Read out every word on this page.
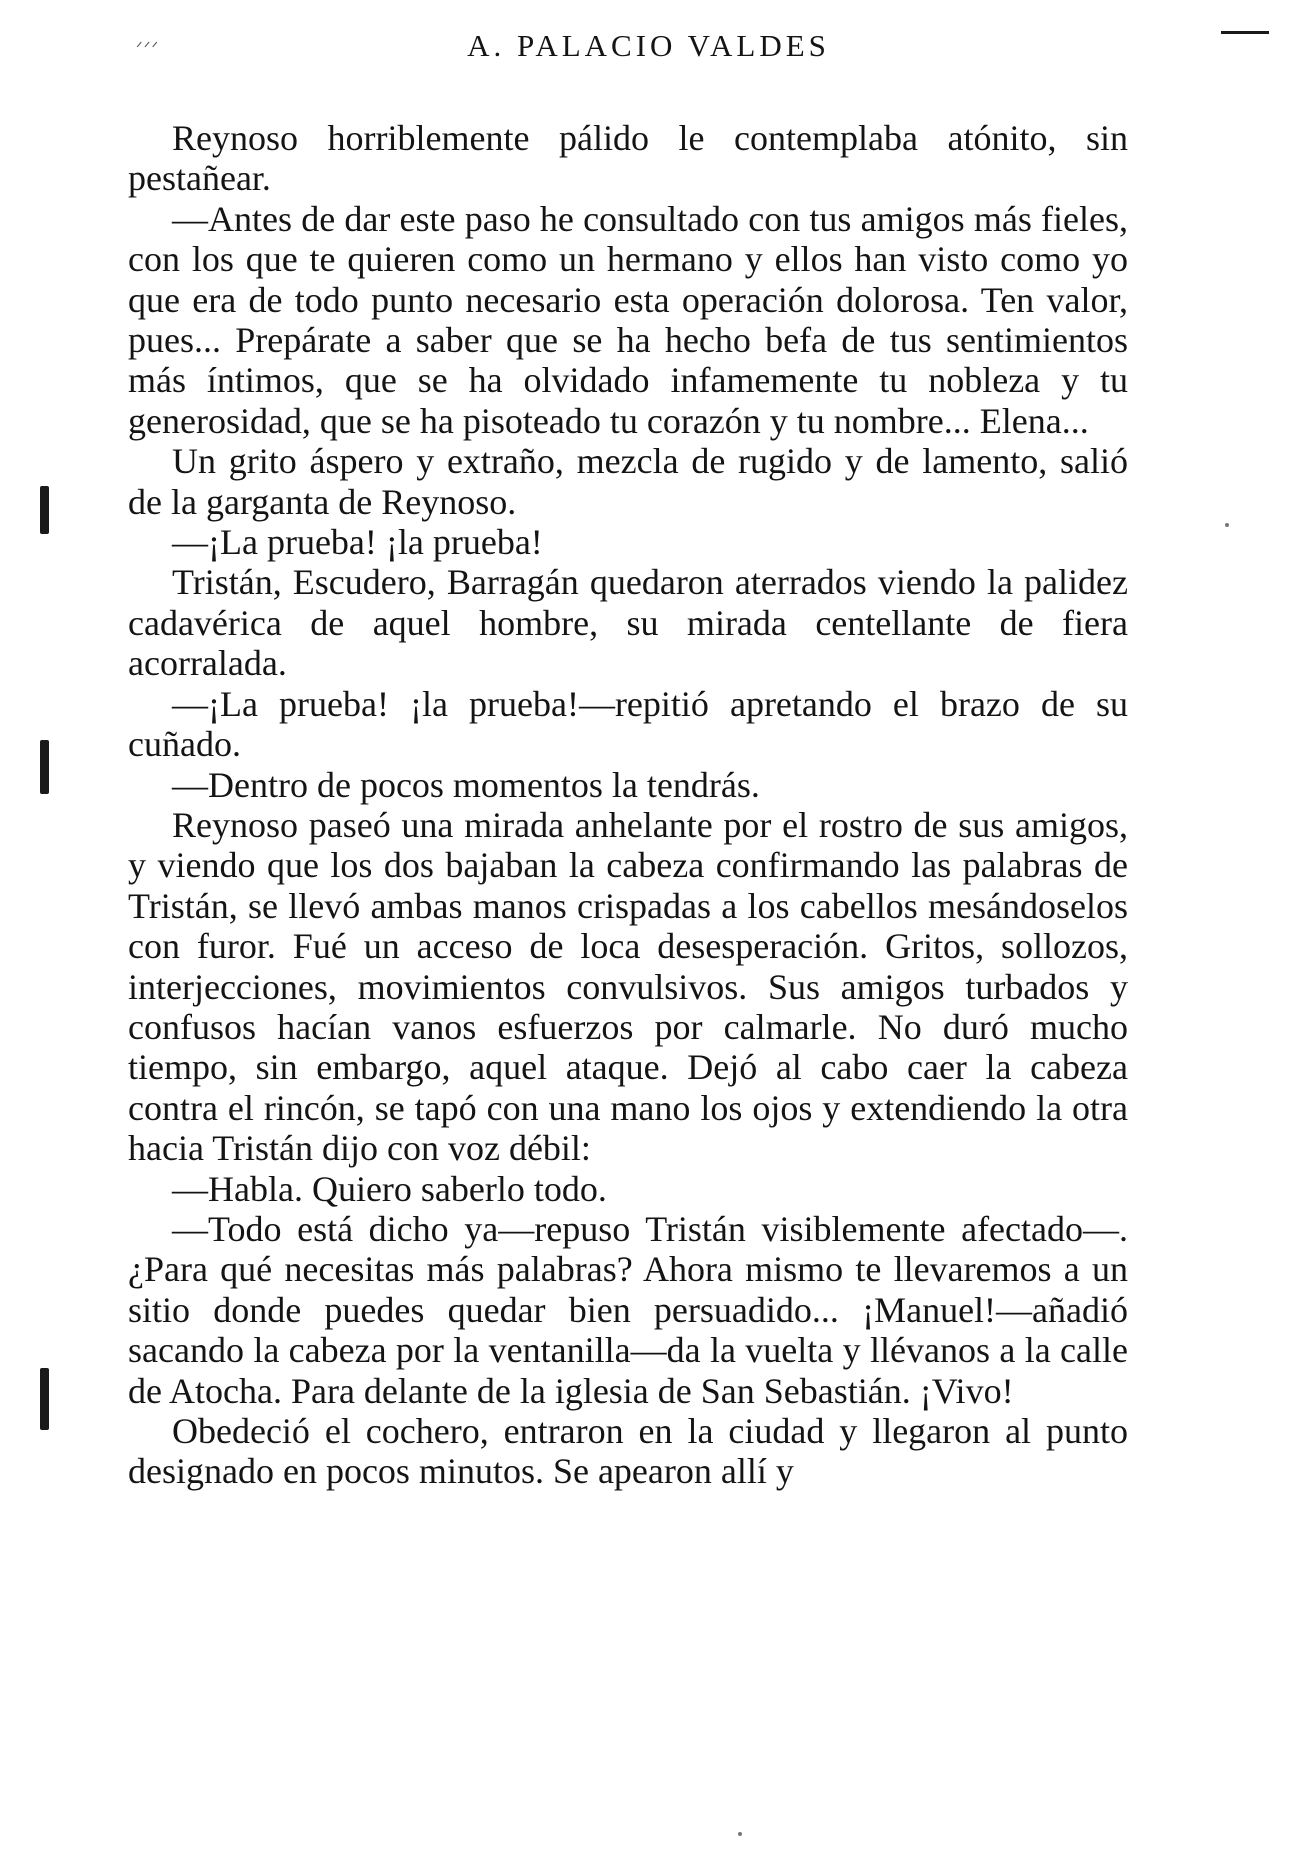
ᐟᐟᐟ	A. PALACIO VALDES

Reynoso horriblemente pálido le contemplaba atónito, sin pestañear.

—Antes de dar este paso he consultado con tus amigos más fieles, con los que te quieren como un hermano y ellos han visto como yo que era de todo punto necesario esta operación dolorosa. Ten valor, pues... Prepárate a saber que se ha hecho befa de tus sentimientos más íntimos, que se ha olvidado infamemente tu nobleza y tu generosidad, que se ha pisoteado tu corazón y tu nombre... Elena...

Un grito áspero y extraño, mezcla de rugido y de lamento, salió de la garganta de Reynoso.

—¡La prueba! ¡la prueba!

Tristán, Escudero, Barragán quedaron aterrados viendo la palidez cadavérica de aquel hombre, su mirada centellante de fiera acorralada.

—¡La prueba! ¡la prueba!—repitió apretando el brazo de su cuñado.

—Dentro de pocos momentos la tendrás.

Reynoso paseó una mirada anhelante por el rostro de sus amigos, y viendo que los dos bajaban la cabeza confirmando las palabras de Tristán, se llevó ambas manos crispadas a los cabellos mesándoselos con furor. Fué un acceso de loca desesperación. Gritos, sollozos, interjecciones, movimientos convulsivos. Sus amigos turbados y confusos hacían vanos esfuerzos por calmarle. No duró mucho tiempo, sin embargo, aquel ataque. Dejó al cabo caer la cabeza contra el rincón, se tapó con una mano los ojos y extendiendo la otra hacia Tristán dijo con voz débil:

—Habla. Quiero saberlo todo.

—Todo está dicho ya—repuso Tristán visiblemente afectado—. ¿Para qué necesitas más palabras? Ahora mismo te llevaremos a un sitio donde puedes quedar bien persuadido... ¡Manuel!—añadió sacando la cabeza por la ventanilla—da la vuelta y llévanos a la calle de Atocha. Para delante de la iglesia de San Sebastián. ¡Vivo!

Obedeció el cochero, entraron en la ciudad y llegaron al punto designado en pocos minutos. Se apearon allí y
